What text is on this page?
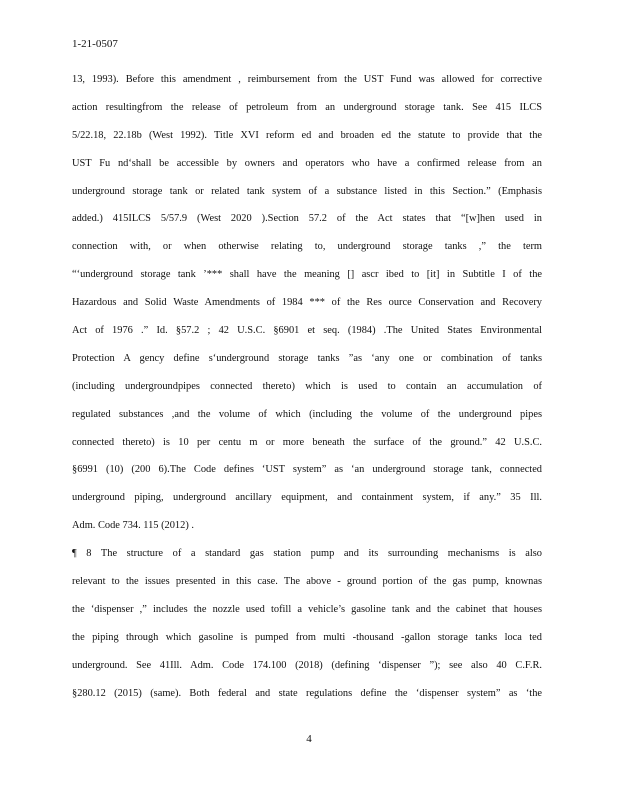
1-21-0507
13, 1993). Before this amendment , reimbursement from the UST Fund was allowed for corrective
action resultingfrom the release of petroleum from an underground storage tank. See 415 ILCS
5/22.18, 22.18b (West 1992). Title XVI reform ed and broaden ed the statute to provide that the
UST Fu nd‘shall be accessible by owners and operators who have a confirmed release from an
underground storage tank or related tank system of a substance listed in this Section.” (Emphasis
added.) 415ILCS 5/57.9 (West 2020 ).Section 57.2 of the Act states that “[w]hen used in
connection with, or when otherwise relating to, underground storage tanks ,” the term
“‘underground storage tank ’*** shall have the meaning [] ascr ibed to [it] in Subtitle I of the
Hazardous and Solid Waste Amendments of 1984 *** of the Res ource Conservation and Recovery
Act of 1976 .” Id. §57.2 ; 42 U.S.C. §6901 et seq. (1984) .The United States Environmental
Protection A gency define s‘underground storage tanks ”as ‘any one or combination of tanks
(including undergroundpipes connected thereto) which is used to contain an accumulation of
regulated substances ,and the volume of which (including the volume of the underground pipes
connected thereto) is 10 per centu m or more beneath the surface of the ground.” 42 U.S.C.
§6991 (10) (200 6).The Code defines ‘UST system” as ‘an underground storage tank, connected
underground piping, underground ancillary equipment, and containment system, if any.” 35 Ill.
Adm. Code 734. 115 (2012) .
¶ 8 The structure of a standard gas station pump and its surrounding mechanisms is also
relevant to the issues presented in this case. The above - ground portion of the gas pump, knownas
the ‘dispenser ,” includes the nozzle used tofill a vehicle’s gasoline tank and the cabinet that houses
the piping through which gasoline is pumped from multi -thousand -gallon storage tanks loca ted
underground. See 41Ill. Adm. Code 174.100 (2018) (defining ‘dispenser ”); see also 40 C.F.R.
§280.12 (2015) (same). Both federal and state regulations define the ‘dispenser system” as ‘the
4
